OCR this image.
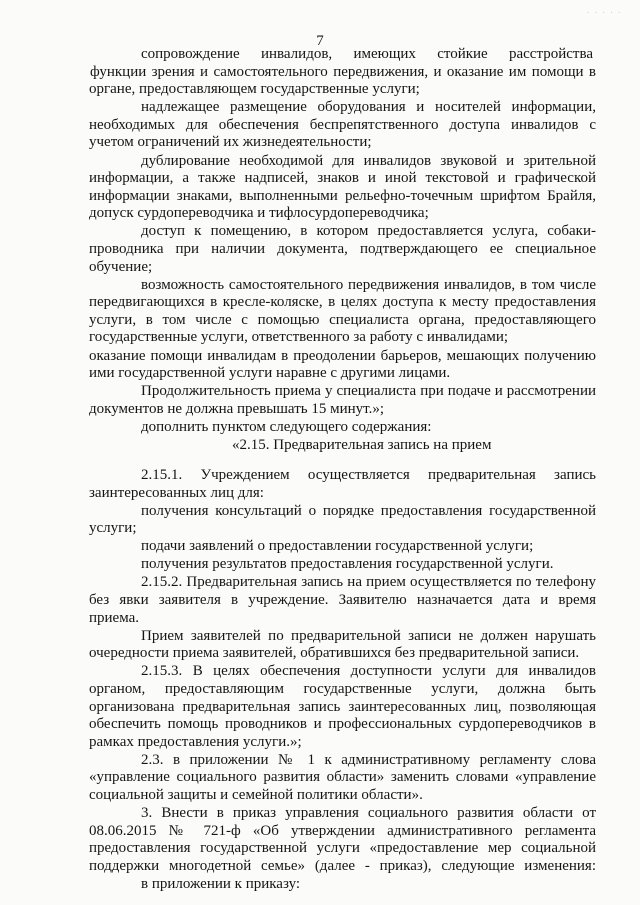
· · · · ·
7
сопровождение инвалидов, имеющих стойкие расстройства
функции зрения и самостоятельного передвижения, и оказание им помощи в
органе, предоставляющем государственные услуги;
надлежащее размещение оборудования и носителей информации,
необходимых для обеспечения беспрепятственного доступа инвалидов с
учетом ограничений их жизнедеятельности;
дублирование необходимой для инвалидов звуковой и зрительной
информации, а также надписей, знаков и иной текстовой и графической
информации знаками, выполненными рельефно-точечным шрифтом Брайля,
допуск сурдопереводчика и тифлосурдопереводчика;
доступ к помещению, в котором предоставляется услуга, собаки-
проводника при наличии документа, подтверждающего ее специальное
обучение;
возможность самостоятельного передвижения инвалидов, в том числе
передвигающихся в кресле-коляске, в целях доступа к месту предоставления
услуги, в том числе с помощью специалиста органа, предоставляющего
государственные услуги, ответственного за работу с инвалидами;
оказание помощи инвалидам в преодолении барьеров, мешающих получению
ими государственной услуги наравне с другими лицами.
Продолжительность приема у специалиста при подаче и рассмотрении
документов не должна превышать 15 минут.»;
дополнить пунктом следующего содержания:
«2.15. Предварительная запись на прием
2.15.1. Учреждением осуществляется предварительная запись
заинтересованных лиц для:
получения консультаций о порядке предоставления государственной
услуги;
подачи заявлений о предоставлении государственной услуги;
получения результатов предоставления государственной услуги.
2.15.2. Предварительная запись на прием осуществляется по телефону
без явки заявителя в учреждение. Заявителю назначается дата и время
приема.
Прием заявителей по предварительной записи не должен нарушать
очередности приема заявителей, обратившихся без предварительной записи.
2.15.3. В целях обеспечения доступности услуги для инвалидов
органом, предоставляющим государственные услуги, должна быть
организована предварительная запись заинтересованных лиц, позволяющая
обеспечить помощь проводников и профессиональных сурдопереводчиков в
рамках предоставления услуги.»;
2.3. в приложении № 1 к административному регламенту слова
«управление социального развития области» заменить словами «управление
социальной защиты и семейной политики области».
3. Внести в приказ управления социального развития области от
08.06.2015 № 721-ф «Об утверждении административного регламента
предоставления государственной услуги «предоставление мер социальной
поддержки многодетной семье» (далее - приказ), следующие изменения:
в приложении к приказу:
